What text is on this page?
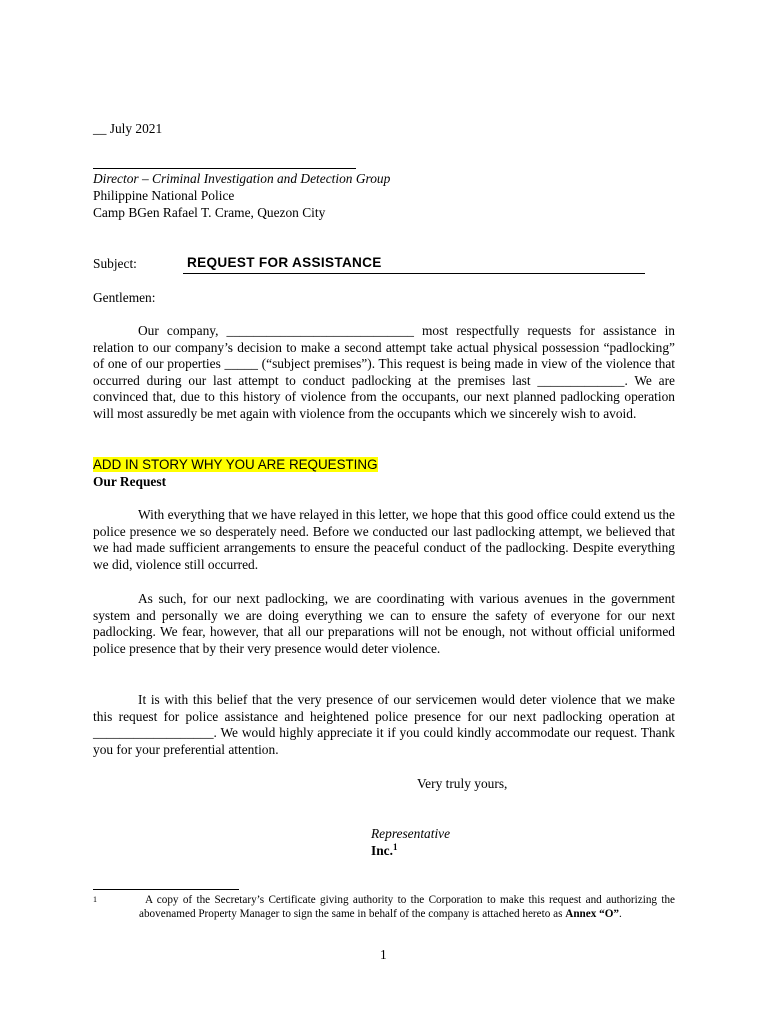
__ July 2021
Director – Criminal Investigation and Detection Group
Philippine National Police
Camp BGen Rafael T. Crame, Quezon City
Subject:	REQUEST FOR ASSISTANCE
Gentlemen:
Our company, ____________________________ most respectfully requests for assistance in relation to our company’s decision to make a second attempt take actual physical possession “padlocking” of one of our properties _____ (“subject premises”). This request is being made in view of the violence that occurred during our last attempt to conduct padlocking at the premises last _____________. We are convinced that, due to this history of violence from the occupants, our next planned padlocking operation will most assuredly be met again with violence from the occupants which we sincerely wish to avoid.
ADD IN STORY WHY YOU ARE REQUESTING
Our Request
With everything that we have relayed in this letter, we hope that this good office could extend us the police presence we so desperately need. Before we conducted our last padlocking attempt, we believed that we had made sufficient arrangements to ensure the peaceful conduct of the padlocking. Despite everything we did, violence still occurred.
As such, for our next padlocking, we are coordinating with various avenues in the government system and personally we are doing everything we can to ensure the safety of everyone for our next padlocking. We fear, however, that all our preparations will not be enough, not without official uniformed police presence that by their very presence would deter violence.
It is with this belief that the very presence of our servicemen would deter violence that we make this request for police assistance and heightened police presence for our next padlocking operation at __________________. We would highly appreciate it if you could kindly accommodate our request. Thank you for your preferential attention.
Very truly yours,
Representative
Inc.$^1$
1	A copy of the Secretary’s Certificate giving authority to the Corporation to make this request and authorizing the abovenamed Property Manager to sign the same in behalf of the company is attached hereto as Annex “O”.
1
